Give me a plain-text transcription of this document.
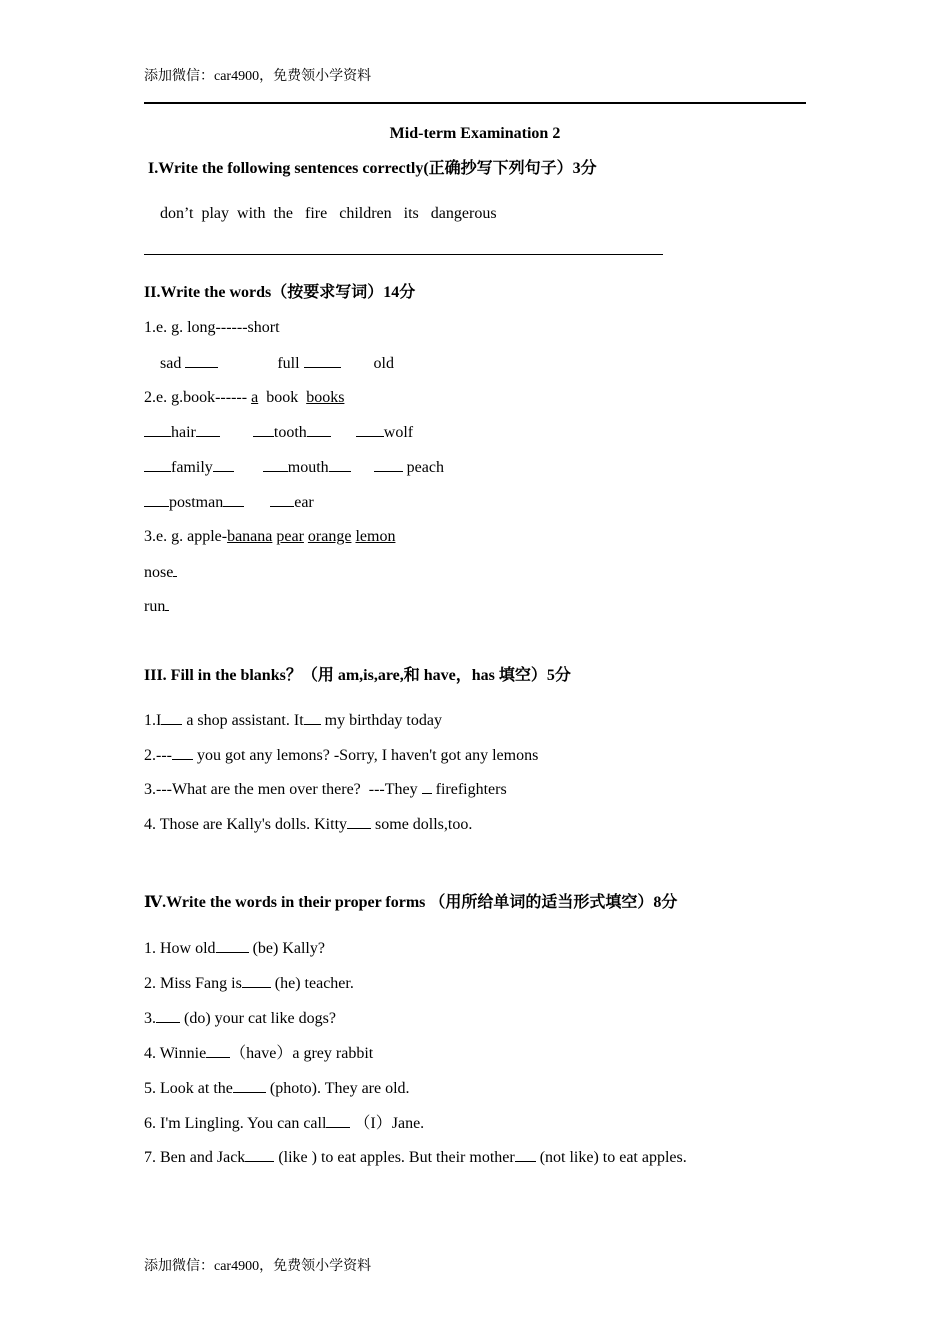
添加微信：car4900，免费领小学资料
Mid-term Examination 2
I.Write the following sentences correctly(正确抄写下列句子）3分
don’t play with the fire children its dangerous
II.Write the words（按要求写词）14分
1.e. g. long------short
sad	full	old
2.e. g.book------ a book books
hair	tooth	wolf
family	mouth	peach
postman	ear
3.e. g. apple-banana pear orange lemon
nose
run
III. Fill in the blanks？（用 am,is,are,和 have，has 填空）5分
1.I a shop assistant. It my birthday today
2.--- you got any lemons? -Sorry, I haven't got any lemons
3.---What are the men over there?  ---They firefighters
4. Those are Kally's dolls. Kitty some dolls,too.
Ⅳ.Write the words in their proper forms （用所给单词的适当形式填空）8分
1. How old (be) Kally?
2. Miss Fang is (he) teacher.
3. (do) your cat like dogs?
4. Winnie （have）a grey rabbit
5. Look at the (photo). They are old.
6. I'm Lingling. You can call （I）Jane.
7. Ben and Jack (like ) to eat apples. But their mother (not like) to eat apples.
添加微信：car4900，免费领小学资料
